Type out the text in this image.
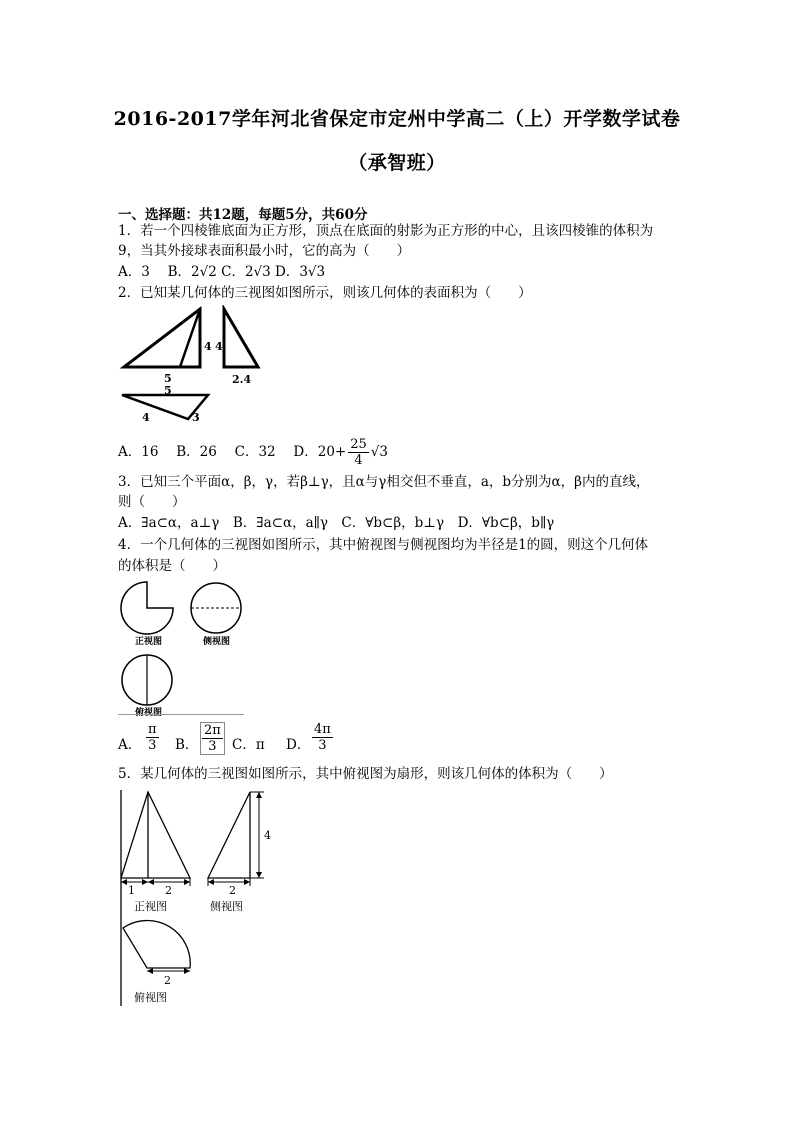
2016-2017学年河北省保定市定州中学高二（上）开学数学试卷
（承智班）
一、选择题：共12题，每题5分，共60分
1．若一个四棱锥底面为正方形，顶点在底面的射影为正方形的中心，且该四棱锥的体积为
9，当其外接球表面积最小时，它的高为（　　）
A．3　 B．2√2 C．2√3 D．3√3
2．已知某几何体的三视图如图所示，则该几何体的表面积为（　　）
4 4
5	2.4
5
4	3
A．16　 B．26　 C．32　 D．$20+ \frac{25}{4} √3$
3．已知三个平面α，β，γ，若β⊥γ，且α与γ相交但不垂直，a，b分别为α，β内的直线，
则（　　）
A．∃a⊂α，a⊥γ　B．∃a⊂α，a∥γ　C．∀b⊂β，b⊥γ　D．∀b⊂β，b∥γ
4．一个几何体的三视图如图所示，其中俯视图与侧视图均为半径是1的圆，则这个几何体
的体积是（　　）
正视图	侧视图
俯视图
A． $\frac{\pi}{3}$ B． $\frac{2\pi}{3}$ C．π D． $\frac{4\pi}{3}$
5．某几何体的三视图如图所示，其中俯视图为扇形，则该几何体的体积为（　　）
1	2
正视图
2
4
侧视图
2
俯视图
